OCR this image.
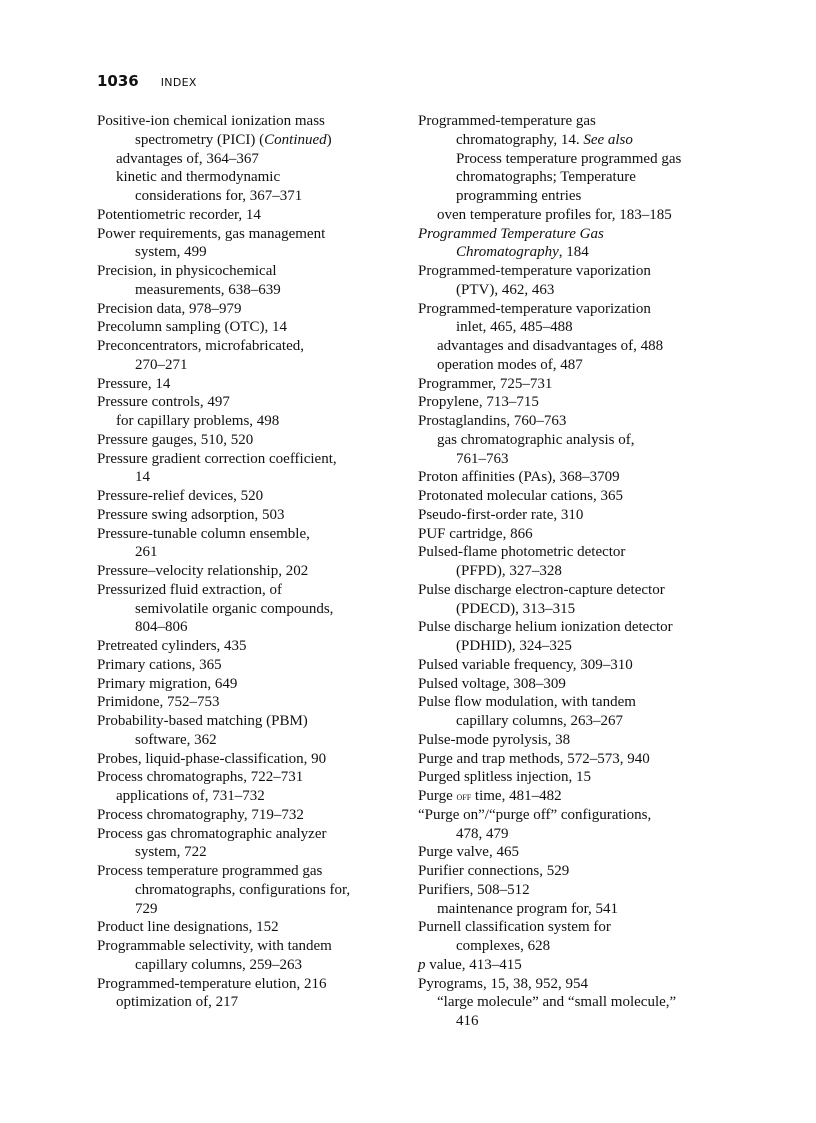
1036 INDEX
Positive-ion chemical ionization mass
spectrometry (PICI) (Continued)
advantages of, 364–367
kinetic and thermodynamic
considerations for, 367–371
Potentiometric recorder, 14
Power requirements, gas management
system, 499
Precision, in physicochemical
measurements, 638–639
Precision data, 978–979
Precolumn sampling (OTC), 14
Preconcentrators, microfabricated,
270–271
Pressure, 14
Pressure controls, 497
for capillary problems, 498
Pressure gauges, 510, 520
Pressure gradient correction coefficient,
14
Pressure-relief devices, 520
Pressure swing adsorption, 503
Pressure-tunable column ensemble,
261
Pressure–velocity relationship, 202
Pressurized fluid extraction, of
semivolatile organic compounds,
804–806
Pretreated cylinders, 435
Primary cations, 365
Primary migration, 649
Primidone, 752–753
Probability-based matching (PBM)
software, 362
Probes, liquid-phase-classification, 90
Process chromatographs, 722–731
applications of, 731–732
Process chromatography, 719–732
Process gas chromatographic analyzer
system, 722
Process temperature programmed gas
chromatographs, configurations for,
729
Product line designations, 152
Programmable selectivity, with tandem
capillary columns, 259–263
Programmed-temperature elution, 216
optimization of, 217
Programmed-temperature gas
chromatography, 14. See also
Process temperature programmed gas
chromatographs; Temperature
programming entries
oven temperature profiles for, 183–185
Programmed Temperature Gas
Chromatography, 184
Programmed-temperature vaporization
(PTV), 462, 463
Programmed-temperature vaporization
inlet, 465, 485–488
advantages and disadvantages of, 488
operation modes of, 487
Programmer, 725–731
Propylene, 713–715
Prostaglandins, 760–763
gas chromatographic analysis of,
761–763
Proton affinities (PAs), 368–3709
Protonated molecular cations, 365
Pseudo-first-order rate, 310
PUF cartridge, 866
Pulsed-flame photometric detector
(PFPD), 327–328
Pulse discharge electron-capture detector
(PDECD), 313–315
Pulse discharge helium ionization detector
(PDHID), 324–325
Pulsed variable frequency, 309–310
Pulsed voltage, 308–309
Pulse flow modulation, with tandem
capillary columns, 263–267
Pulse-mode pyrolysis, 38
Purge and trap methods, 572–573, 940
Purged splitless injection, 15
Purge off time, 481–482
“Purge on”/“purge off” configurations,
478, 479
Purge valve, 465
Purifier connections, 529
Purifiers, 508–512
maintenance program for, 541
Purnell classification system for
complexes, 628
p value, 413–415
Pyrograms, 15, 38, 952, 954
“large molecule” and “small molecule,”
416
